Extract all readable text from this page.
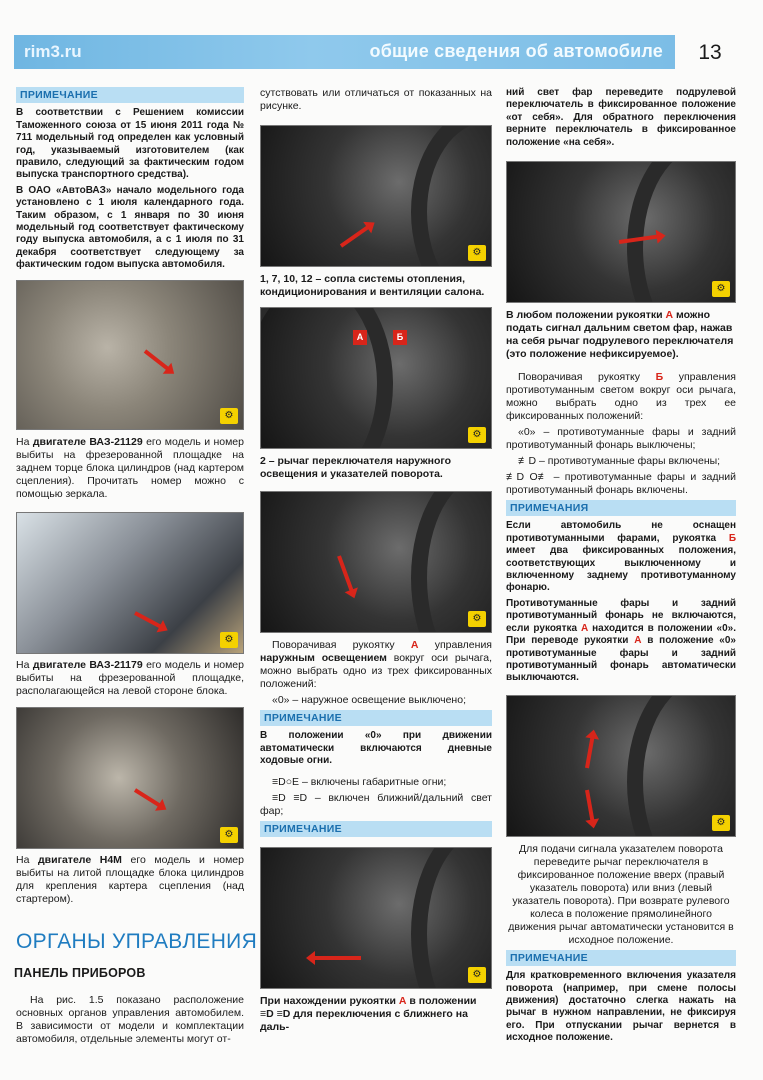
rim3.ru	общие сведения об автомобиле	13
ПРИМЕЧАНИЕ

В соответствии с Решением комиссии Таможенного союза от 15 июня 2011 года № 711 модельный год определен как условный год, указываемый изготовителем (как правило, следующий за фактическим годом выпуска транспортного средства).

В ОАО «АвтоВАЗ» начало модельного года установлено с 1 июля календарного года. Таким образом, с 1 января по 30 июня модельный год соответствует фактическому году выпуска автомобиля, а с 1 июля по 31 декабря соответствует следующему за фактическим годом выпуска автомобиля.

⚙

На двигателе ВАЗ-21129 его модель и номер выбиты на фрезерованной площадке на заднем торце блока цилиндров (над картером сцепления). Прочитать номер можно с помощью зеркала.

⚙

На двигателе ВАЗ-21179 его модель и номер выбиты на фрезерованной площадке, располагающейся на левой стороне блока.

⚙

На двигателе H4M его модель и номер выбиты на литой площадке блока цилиндров для крепления картера сцепления (над стартером).

ОРГАНЫ УПРАВЛЕНИЯ
ПАНЕЛЬ ПРИБОРОВ
На рис. 1.5 показано расположение основных органов управления автомобилем. В зависимости от модели и комплектации автомобиля, отдельные элементы могут от-

сутствовать или отличаться от показанных на рисунке.

⚙

1, 7, 10, 12 – сопла системы отопления, кондиционирования и вентиляции салона.

А	Б
⚙

2 – рычаг переключателя наружного освещения и указателей поворота.

⚙

Поворачивая рукоятку А управления наружным освещением вокруг оси рычага, можно выбрать одно из трех фиксированных положений:

«0» – наружное освещение выключено;

ПРИМЕЧАНИЕ

В положении «0» при движении автоматически включаются дневные ходовые огни.

≡D○E – включены габаритные огни;

≡D ≡D – включен ближний/дальний свет фар;

ПРИМЕЧАНИЕ
⚙

При нахождении рукоятки А в положении ≡D ≡D для переключения с ближнего на даль-

ний свет фар переведите подрулевой переключатель в фиксированное положение «от себя». Для обратного переключения верните переключатель в фиксированное положение «на себя».

⚙

В любом положении рукоятки А можно подать сигнал дальним светом фар, нажав на себя рычаг подрулевого переключателя (это положение нефиксируемое).

Поворачивая рукоятку Б управления противотуманным светом вокруг оси рычага, можно выбрать одно из трех ее фиксированных положений:

«0» – противотуманные фары и задний противотуманный фонарь выключены;

≢D – противотуманные фары включены;

≢D O≢ – противотуманные фары и задний противотуманный фонарь включены.

ПРИМЕЧАНИЯ

Если автомобиль не оснащен противотуманными фарами, рукоятка Б имеет два фиксированных положения, соответствующих выключенному и включенному заднему противотуманному фонарю.

Противотуманные фары и задний противотуманный фонарь не включаются, если рукоятка А находится в положении «0». При переводе рукоятки А в положение «0» противотуманные фары и задний противотуманный фонарь автоматически выключаются.

⚙

Для подачи сигнала указателем поворота переведите рычаг переключателя в фиксированное положение вверх (правый указатель поворота) или вниз (левый указатель поворота). При возврате рулевого колеса в положение прямолинейного движения рычаг автоматически установится в исходное положение.

ПРИМЕЧАНИЕ

Для кратковременного включения указателя поворота (например, при смене полосы движения) достаточно слегка нажать на рычаг в нужном направлении, не фиксируя его. При отпускании рычаг вернется в исходное положение.
